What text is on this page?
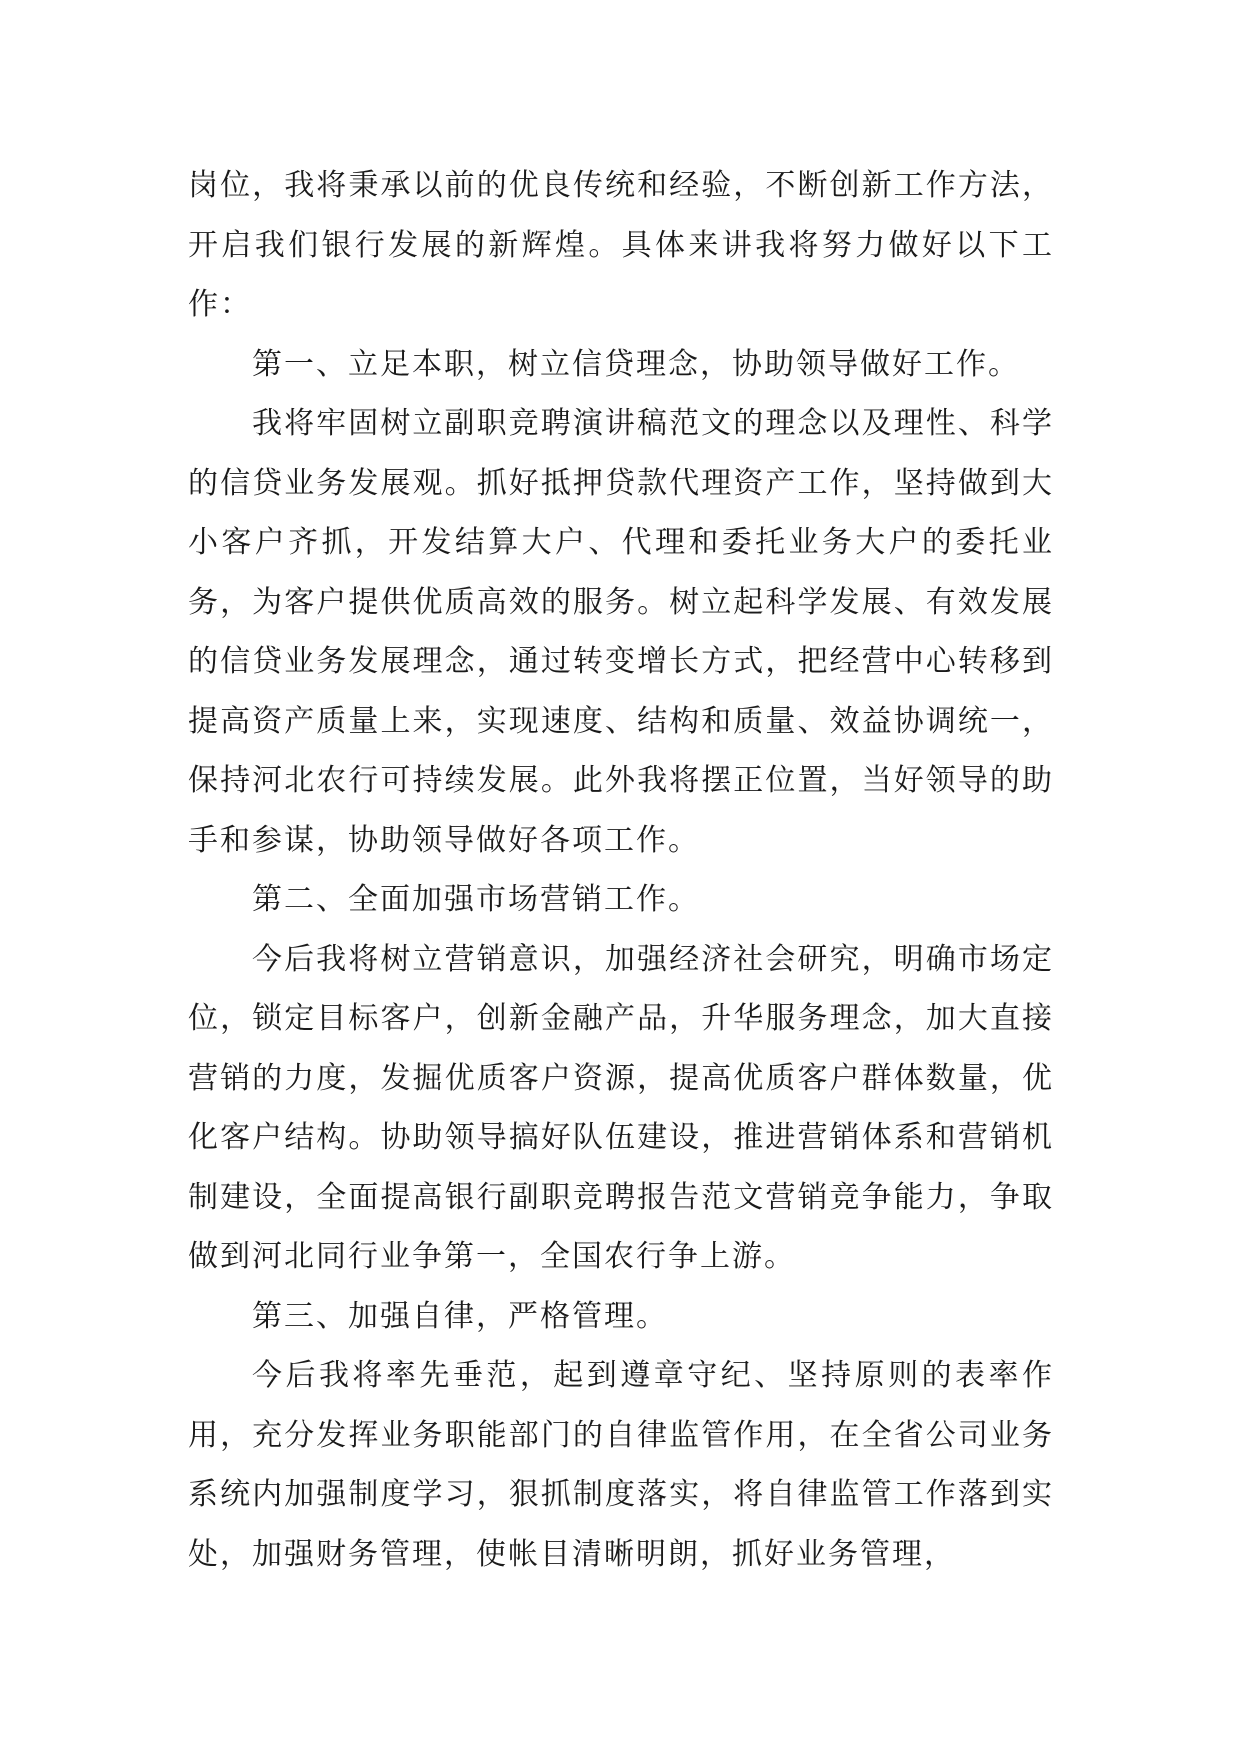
岗位，我将秉承以前的优良传统和经验，不断创新工作方法，开启我们银行发展的新辉煌。具体来讲我将努力做好以下工作：

第一、立足本职，树立信贷理念，协助领导做好工作。

我将牢固树立副职竞聘演讲稿范文的理念以及理性、科学的信贷业务发展观。抓好抵押贷款代理资产工作，坚持做到大小客户齐抓，开发结算大户、代理和委托业务大户的委托业务，为客户提供优质高效的服务。树立起科学发展、有效发展的信贷业务发展理念，通过转变增长方式，把经营中心转移到提高资产质量上来，实现速度、结构和质量、效益协调统一，保持河北农行可持续发展。此外我将摆正位置，当好领导的助手和参谋，协助领导做好各项工作。

第二、全面加强市场营销工作。

今后我将树立营销意识，加强经济社会研究，明确市场定位，锁定目标客户，创新金融产品，升华服务理念，加大直接营销的力度，发掘优质客户资源，提高优质客户群体数量，优化客户结构。协助领导搞好队伍建设，推进营销体系和营销机制建设，全面提高银行副职竞聘报告范文营销竞争能力，争取做到河北同行业争第一，全国农行争上游。

第三、加强自律，严格管理。

今后我将率先垂范，起到遵章守纪、坚持原则的表率作用，充分发挥业务职能部门的自律监管作用，在全省公司业务系统内加强制度学习，狠抓制度落实，将自律监管工作落到实处，加强财务管理，使帐目清晰明朗，抓好业务管理，
